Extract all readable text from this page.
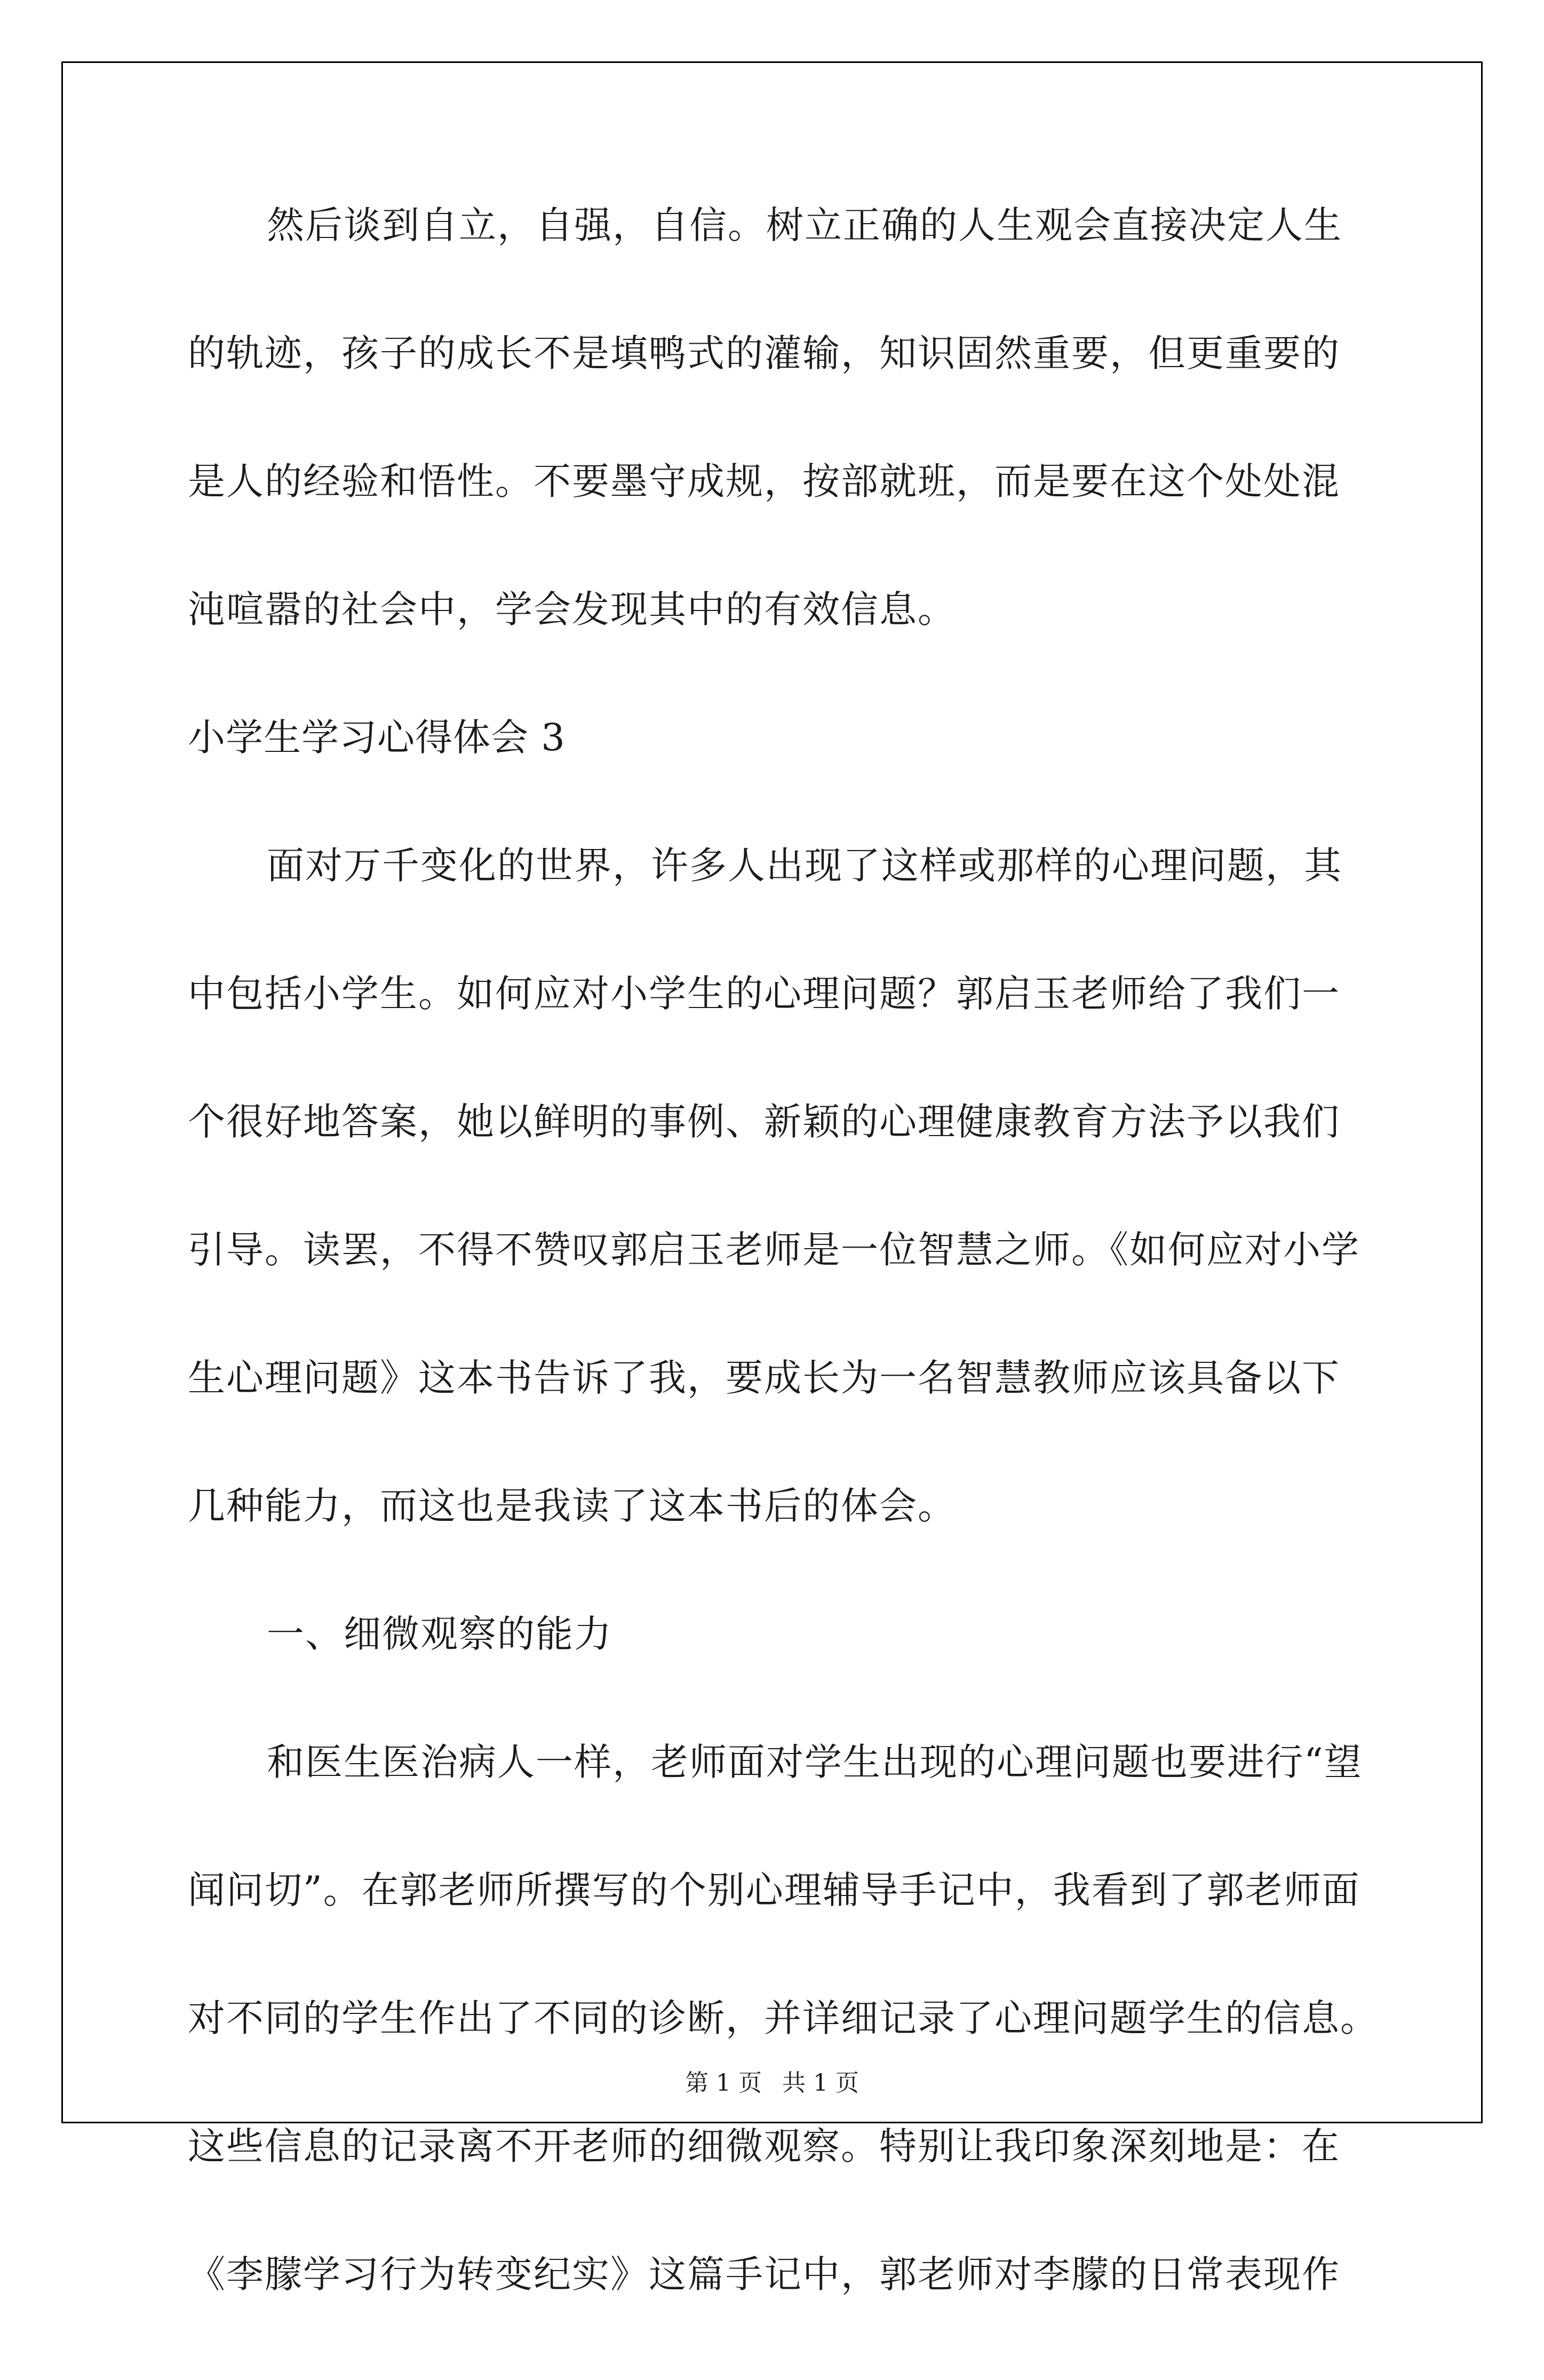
然后谈到自立，自强，自信。树立正确的人生观会直接决定人生
的轨迹，孩子的成长不是填鸭式的灌输，知识固然重要，但更重要的
是人的经验和悟性。不要墨守成规，按部就班，而是要在这个处处混
沌喧嚣的社会中，学会发现其中的有效信息。
小学生学习心得体会 3
面对万千变化的世界，许多人出现了这样或那样的心理问题，其
中包括小学生。如何应对小学生的心理问题？郭启玉老师给了我们一
个很好地答案，她以鲜明的事例、新颖的心理健康教育方法予以我们
引导。读罢，不得不赞叹郭启玉老师是一位智慧之师。《如何应对小学
生心理问题》这本书告诉了我，要成长为一名智慧教师应该具备以下
几种能力，而这也是我读了这本书后的体会。
一、细微观察的能力
和医生医治病人一样，老师面对学生出现的心理问题也要进行“望
闻问切”。在郭老师所撰写的个别心理辅导手记中，我看到了郭老师面
对不同的学生作出了不同的诊断，并详细记录了心理问题学生的信息。
这些信息的记录离不开老师的细微观察。特别让我印象深刻地是：在
《李朦学习行为转变纪实》这篇手记中，郭老师对李朦的日常表现作
第 1 页 共 1 页
